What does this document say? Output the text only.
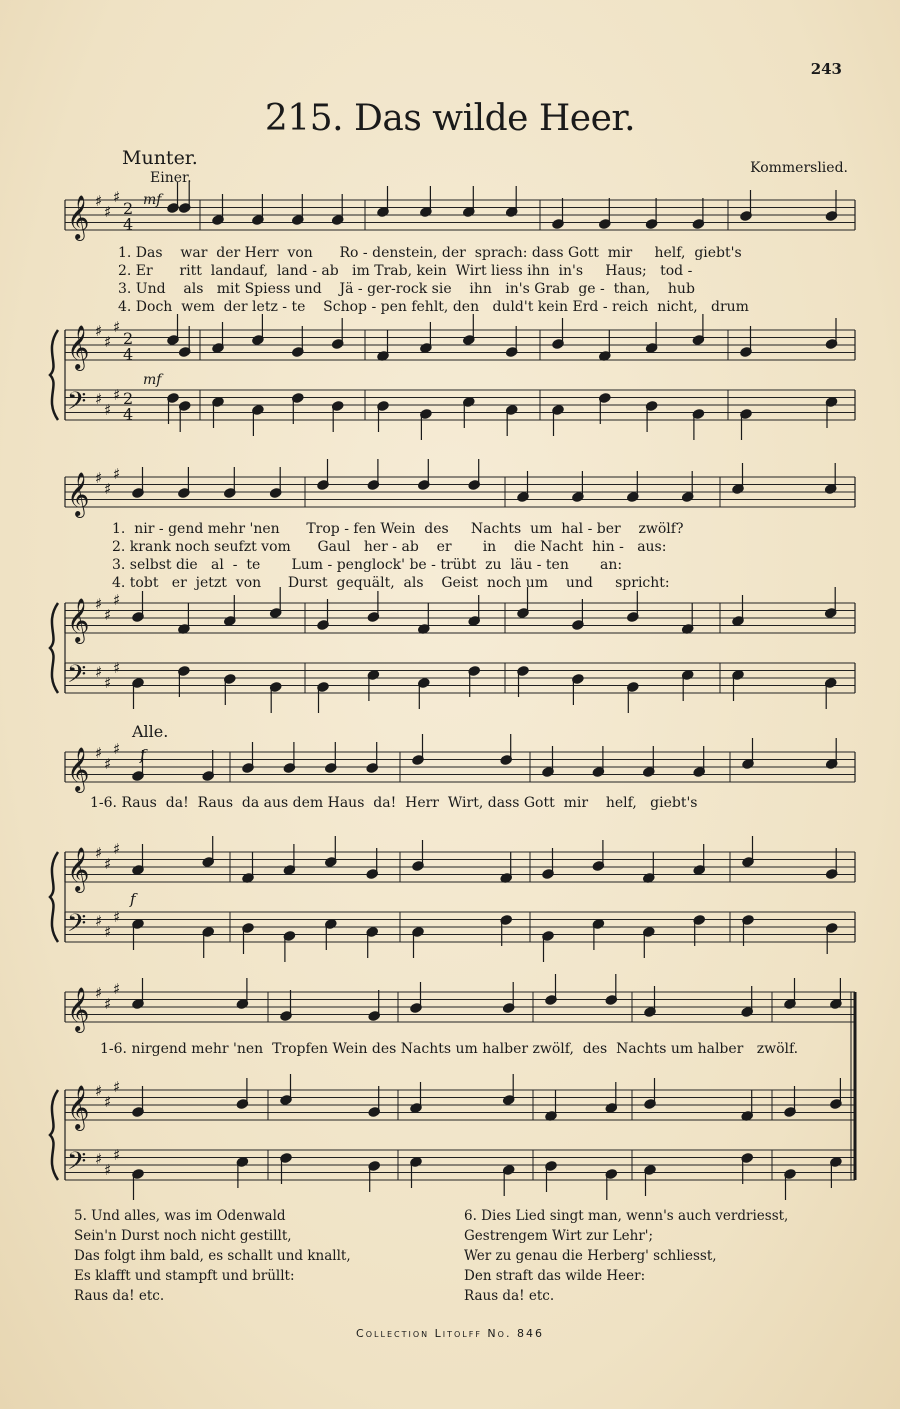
243
215. Das wilde Heer.
Munter.
Einer.
Kommerslied.
𝄞 ♯
♯
♯
𝄞 ♯
♯
♯
𝄢 ♯
♯
♯
2
4
2
4
2
4
mf
mf
𝄞 ♯
♯
♯
𝄞 ♯
♯
♯
𝄢 ♯
♯
♯
𝄞 ♯
♯
♯
𝄞 ♯
♯
♯
𝄢 ♯
♯
♯
f
f
𝄞 ♯
♯
♯
𝄞 ♯
♯
♯
𝄢 ♯
♯
♯
1. Das    war  der Herr  von      Ro - denstein, der  sprach: dass Gott  mir     helf,  giebt's
2. Er      ritt  landauf,  land - ab   im Trab, kein  Wirt liess ihn  in's     Haus;   tod -
3. Und    als   mit Spiess und    Jä - ger-rock sie    ihn   in's Grab  ge -  than,    hub
4. Doch  wem  der letz - te    Schop - pen fehlt, den   duld't kein Erd - reich  nicht,   drum
1.  nir - gend mehr 'nen      Trop - fen Wein  des     Nachts  um  hal - ber    zwölf?
2. krank noch seufzt vom      Gaul   her - ab    er       in    die Nacht  hin -   aus:
3. selbst die   al  -  te       Lum - penglock' be - trübt  zu  läu - ten       an:
4. tobt   er  jetzt  von      Durst  gequält,  als    Geist  noch um    und     spricht:
Alle.
1-6. Raus  da!  Raus  da aus dem Haus  da!  Herr  Wirt, dass Gott  mir    helf,   giebt's
1-6. nirgend mehr 'nen  Tropfen Wein des Nachts um halber zwölf,  des  Nachts um halber   zwölf.
5. Und alles, was im Odenwald
Sein'n Durst noch nicht gestillt,
Das folgt ihm bald, es schallt und knallt,
Es klafft und stampft und brüllt:
Raus da! etc.
6. Dies Lied singt man, wenn's auch verdriesst,
Gestrengem Wirt zur Lehr';
Wer zu genau die Herberg' schliesst,
Den straft das wilde Heer:
Raus da! etc.
Collection Litolff No. 846
